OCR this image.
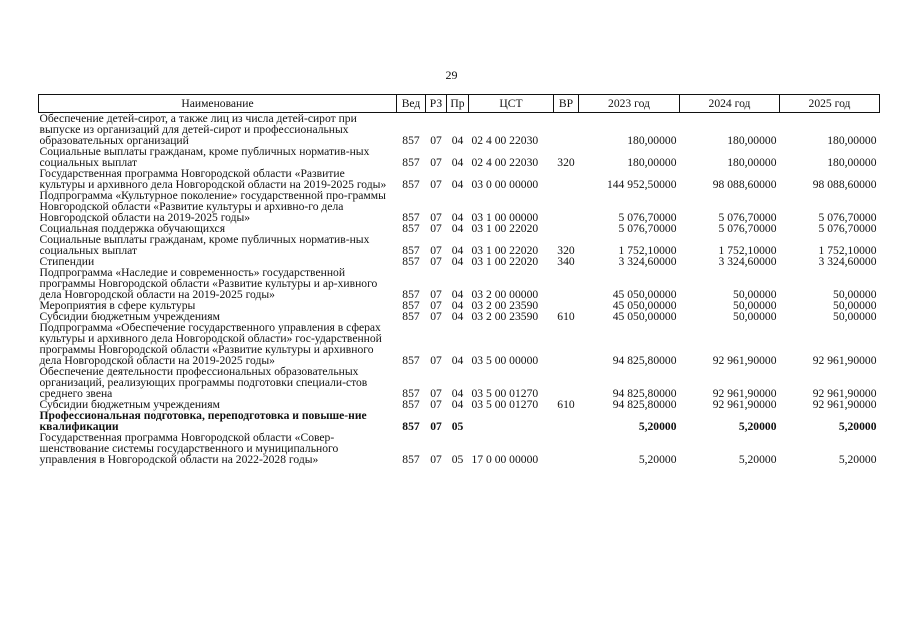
29
Наименование	Вед	РЗ	Пр	ЦСТ	ВР	2023 год	2024 год	2025 год
Обеспечение детей-сирот, а также лиц из числа детей-сирот при выпуске из организаций для детей-сирот и профессиональных образовательных организаций	857	07	04	02 4 00 22030		180,00000	180,00000	180,00000
Социальные выплаты гражданам, кроме публичных норматив-ных социальных выплат	857	07	04	02 4 00 22030	320	180,00000	180,00000	180,00000
Государственная программа Новгородской области «Развитие культуры и архивного дела Новгородской области на 2019-2025 годы»	857	07	04	03 0 00 00000		144 952,50000	98 088,60000	98 088,60000
Подпрограмма «Культурное поколение» государственной про-граммы Новгородской области «Развитие культуры и архивно-го дела Новгородской области на 2019-2025 годы»	857	07	04	03 1 00 00000		5 076,70000	5 076,70000	5 076,70000
Социальная поддержка обучающихся	857	07	04	03 1 00 22020		5 076,70000	5 076,70000	5 076,70000
Социальные выплаты гражданам, кроме публичных норматив-ных социальных выплат	857	07	04	03 1 00 22020	320	1 752,10000	1 752,10000	1 752,10000
Стипендии	857	07	04	03 1 00 22020	340	3 324,60000	3 324,60000	3 324,60000
Подпрограмма «Наследие и современность» государственной программы Новгородской области «Развитие культуры и ар-хивного дела Новгородской области на 2019-2025 годы»	857	07	04	03 2 00 00000		45 050,00000	50,00000	50,00000
Мероприятия в сфере культуры	857	07	04	03 2 00 23590		45 050,00000	50,00000	50,00000
Субсидии бюджетным учреждениям	857	07	04	03 2 00 23590	610	45 050,00000	50,00000	50,00000
Подпрограмма «Обеспечение государственного управления в сферах культуры и архивного дела Новгородской области» гос-ударственной программы Новгородской области «Развитие культуры и архивного дела Новгородской области на 2019-2025 годы»	857	07	04	03 5 00 00000		94 825,80000	92 961,90000	92 961,90000
Обеспечение деятельности профессиональных образовательных организаций, реализующих программы подготовки специали-стов среднего звена	857	07	04	03 5 00 01270		94 825,80000	92 961,90000	92 961,90000
Субсидии бюджетным учреждениям	857	07	04	03 5 00 01270	610	94 825,80000	92 961,90000	92 961,90000
Профессиональная подготовка, переподготовка и повыше-ние квалификации	857	07	05			5,20000	5,20000	5,20000
Государственная программа Новгородской области «Совер-шенствование системы государственного и муниципального управления в Новгородской области на 2022-2028 годы»	857	07	05	17 0 00 00000		5,20000	5,20000	5,20000
